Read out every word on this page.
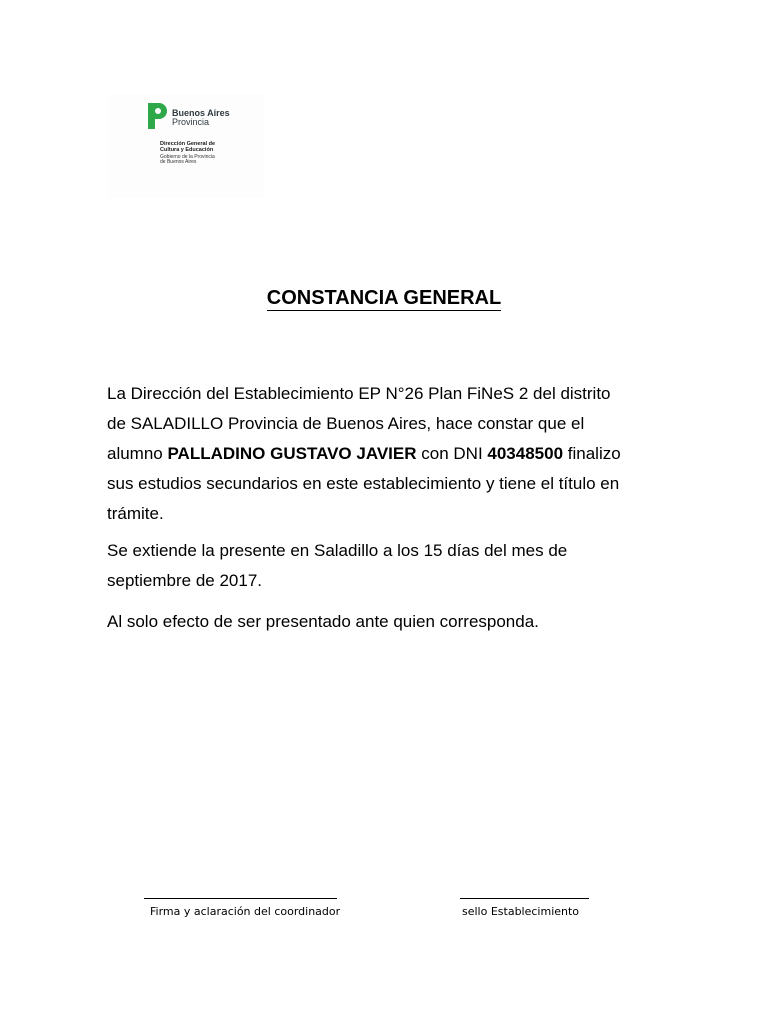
Buenos Aires
Provincia
Dirección General de
Cultura y Educación
Gobierno de la Provincia
de Buenos Aires
CONSTANCIA GENERAL

La Dirección del Establecimiento EP N°26 Plan FiNeS 2 del distrito

de SALADILLO Provincia de Buenos Aires, hace constar que el

alumno PALLADINO GUSTAVO JAVIER con DNI 40348500 finalizo

sus estudios secundarios en este establecimiento y tiene el título en

trámite.

Se extiende la presente en Saladillo a los 15 días del mes de

septiembre de 2017.

Al solo efecto de ser presentado ante quien corresponda.

Firma y aclaración del coordinador	sello Establecimiento
